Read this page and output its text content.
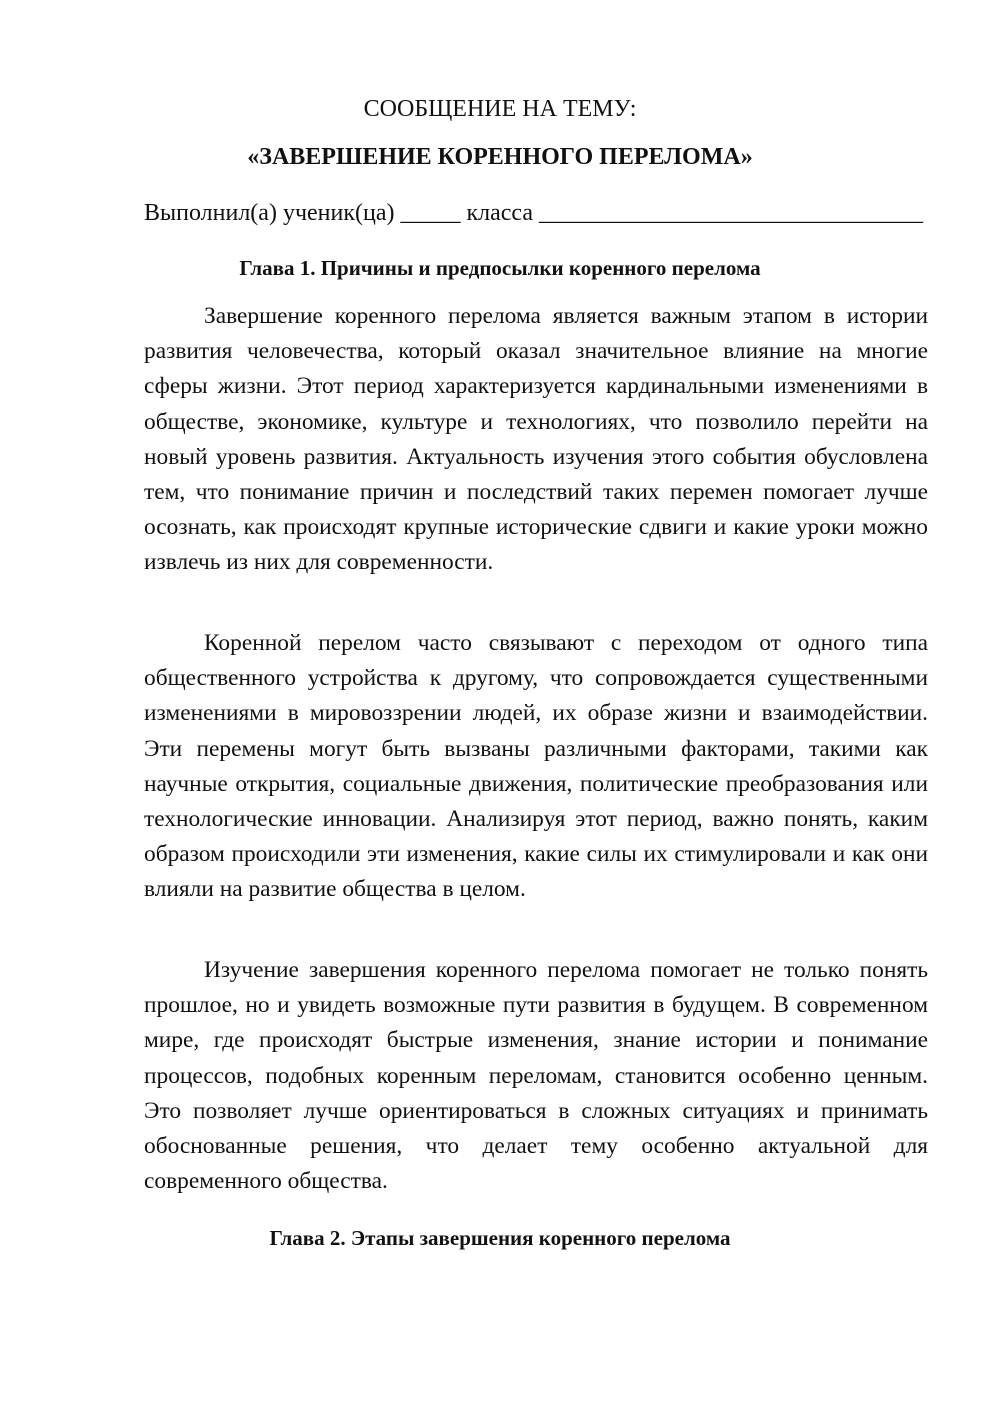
СООБЩЕНИЕ НА ТЕМУ:
«ЗАВЕРШЕНИЕ КОРЕННОГО ПЕРЕЛОМА»
Выполнил(а) ученик(ца) _____ класса ________________________________
Глава 1. Причины и предпосылки коренного перелома

Завершение коренного перелома является важным этапом в истории развития человечества, который оказал значительное влияние на многие сферы жизни. Этот период характеризуется кардинальными изменениями в обществе, экономике, культуре и технологиях, что позволило перейти на новый уровень развития. Актуальность изучения этого события обусловлена тем, что понимание причин и последствий таких перемен помогает лучше осознать, как происходят крупные исторические сдвиги и какие уроки можно извлечь из них для современности.

Коренной перелом часто связывают с переходом от одного типа общественного устройства к другому, что сопровождается существенными изменениями в мировоззрении людей, их образе жизни и взаимодействии. Эти перемены могут быть вызваны различными факторами, такими как научные открытия, социальные движения, политические преобразования или технологические инновации. Анализируя этот период, важно понять, каким образом происходили эти изменения, какие силы их стимулировали и как они влияли на развитие общества в целом.

Изучение завершения коренного перелома помогает не только понять прошлое, но и увидеть возможные пути развития в будущем. В современном мире, где происходят быстрые изменения, знание истории и понимание процессов, подобных коренным переломам, становится особенно ценным. Это позволяет лучше ориентироваться в сложных ситуациях и принимать обоснованные решения, что делает тему особенно актуальной для современного общества.

Глава 2. Этапы завершения коренного перелома
